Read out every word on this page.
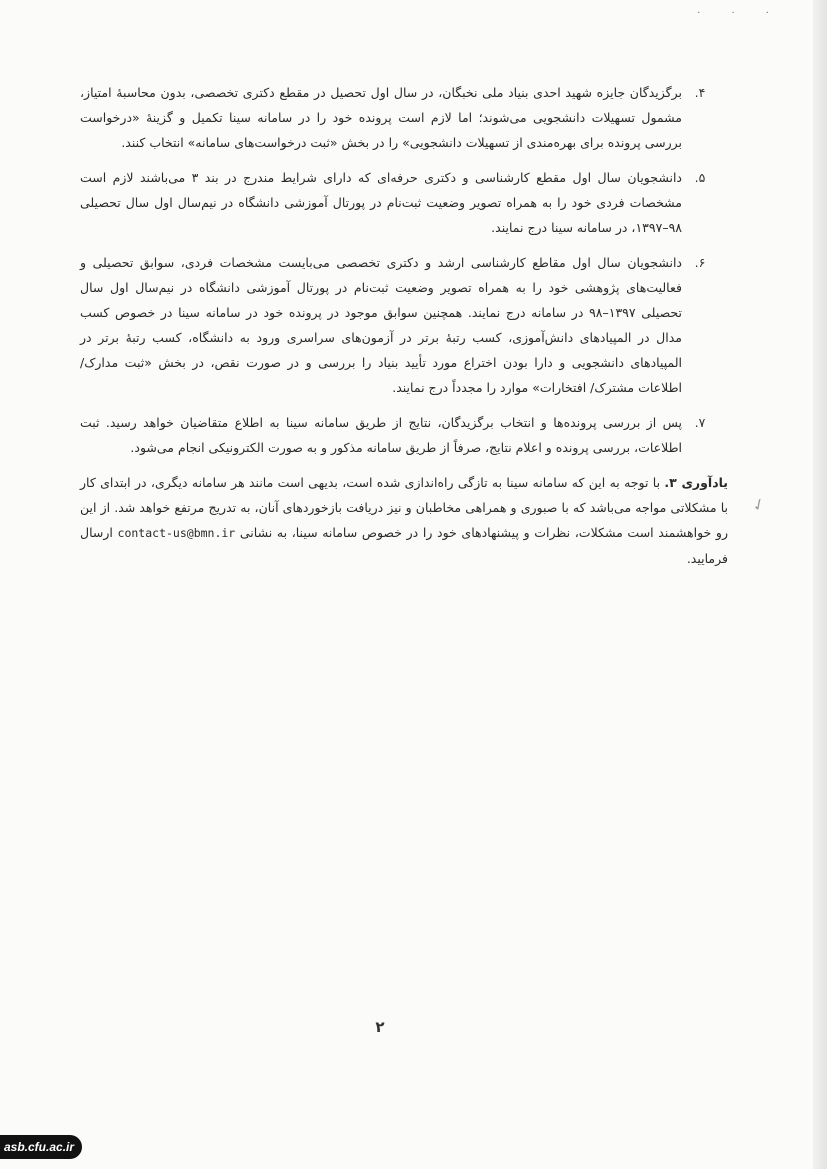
· · ·
✓
۴.
برگزیدگان جایزه شهید احدی بنیاد ملی نخبگان، در سال اول تحصیل در مقطع دکتری تخصصی، بدون محاسبهٔ امتیاز، مشمول تسهیلات دانشجویی می‌شوند؛ اما لازم است پرونده خود را در سامانه سینا تکمیل و گزینهٔ «درخواست بررسی پرونده برای بهره‌مندی از تسهیلات دانشجویی» را در بخش «ثبت درخواست‌های سامانه» انتخاب کنند.
۵.
دانشجویان سال اول مقطع کارشناسی و دکتری حرفه‌ای که دارای شرایط مندرج در بند ۳ می‌باشند لازم است مشخصات فردی خود را به همراه تصویر وضعیت ثبت‌نام در پورتال آموزشی دانشگاه در نیم‌سال اول سال تحصیلی ۹۸–۱۳۹۷، در سامانه سینا درج نمایند.
۶.
دانشجویان سال اول مقاطع کارشناسی ارشد و دکتری تخصصی می‌بایست مشخصات فردی، سوابق تحصیلی و فعالیت‌های پژوهشی خود را به همراه تصویر وضعیت ثبت‌نام در پورتال آموزشی دانشگاه در نیم‌سال اول سال تحصیلی ۱۳۹۷–۹۸ در سامانه درج نمایند. همچنین سوابق موجود در پرونده خود در سامانه سینا در خصوص کسب مدال در المپیادهای دانش‌آموزی، کسب رتبهٔ برتر در آزمون‌های سراسری ورود به دانشگاه، کسب رتبهٔ برتر در المپیادهای دانشجویی و دارا بودن اختراع مورد تأیید بنیاد را بررسی و در صورت نقص، در بخش «ثبت مدارک/ اطلاعات مشترک/ افتخارات» موارد را مجدداً درج نمایند.
۷.
پس از بررسی پرونده‌ها و انتخاب برگزیدگان، نتایج از طریق سامانه سینا به اطلاع متقاضیان خواهد رسید. ثبت اطلاعات، بررسی پرونده و اعلام نتایج، صرفاً از طریق سامانه مذکور و به صورت الکترونیکی انجام می‌شود.
یادآوری ۳. با توجه به این که سامانه سینا به تازگی راه‌اندازی شده است، بدیهی است مانند هر سامانه دیگری، در ابتدای کار با مشکلاتی مواجه می‌باشد که با صبوری و همراهی مخاطبان و نیز دریافت بازخوردهای آنان، به تدریج مرتفع خواهد شد. از این رو خواهشمند است مشکلات، نظرات و پیشنهادهای خود را در خصوص سامانه سینا، به نشانی contact-us@bmn.ir ارسال فرمایید.
۲
asb.cfu.ac.ir
